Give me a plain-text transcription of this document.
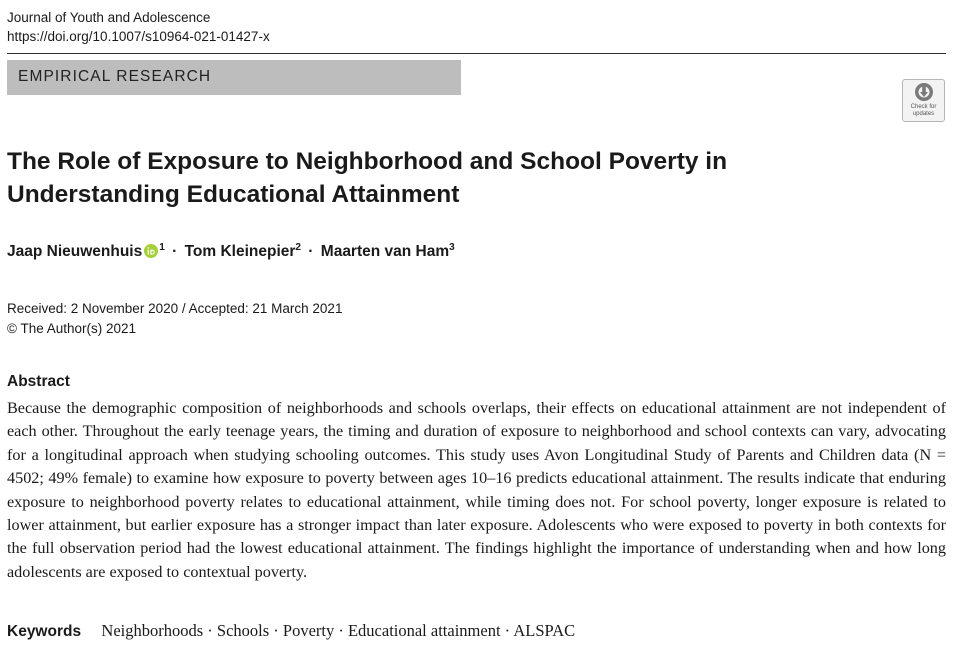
Journal of Youth and Adolescence
https://doi.org/10.1007/s10964-021-01427-x
EMPIRICAL RESEARCH
Check for
updates
The Role of Exposure to Neighborhood and School Poverty in
Understanding Educational Attainment
Jaap Nieuwenhuis $^1$ · Tom Kleinepier$^2$ · Maarten van Ham$^3$
Received: 2 November 2020 / Accepted: 21 March 2021
© The Author(s) 2021
Abstract

Because the demographic composition of neighborhoods and schools overlaps, their effects on educational attainment are not independent of each other. Throughout the early teenage years, the timing and duration of exposure to neighborhood and school contexts can vary, advocating for a longitudinal approach when studying schooling outcomes. This study uses Avon Longitudinal Study of Parents and Children data (N = 4502; 49% female) to examine how exposure to poverty between ages 10–16 predicts educational attainment. The results indicate that enduring exposure to neighborhood poverty relates to educational attainment, while timing does not. For school poverty, longer exposure is related to lower attainment, but earlier exposure has a stronger impact than later exposure. Adolescents who were exposed to poverty in both contexts for the full observation period had the lowest educational attainment. The findings highlight the importance of understanding when and how long adolescents are exposed to contextual poverty.

Keywords Neighborhoods · Schools · Poverty · Educational attainment · ALSPAC
